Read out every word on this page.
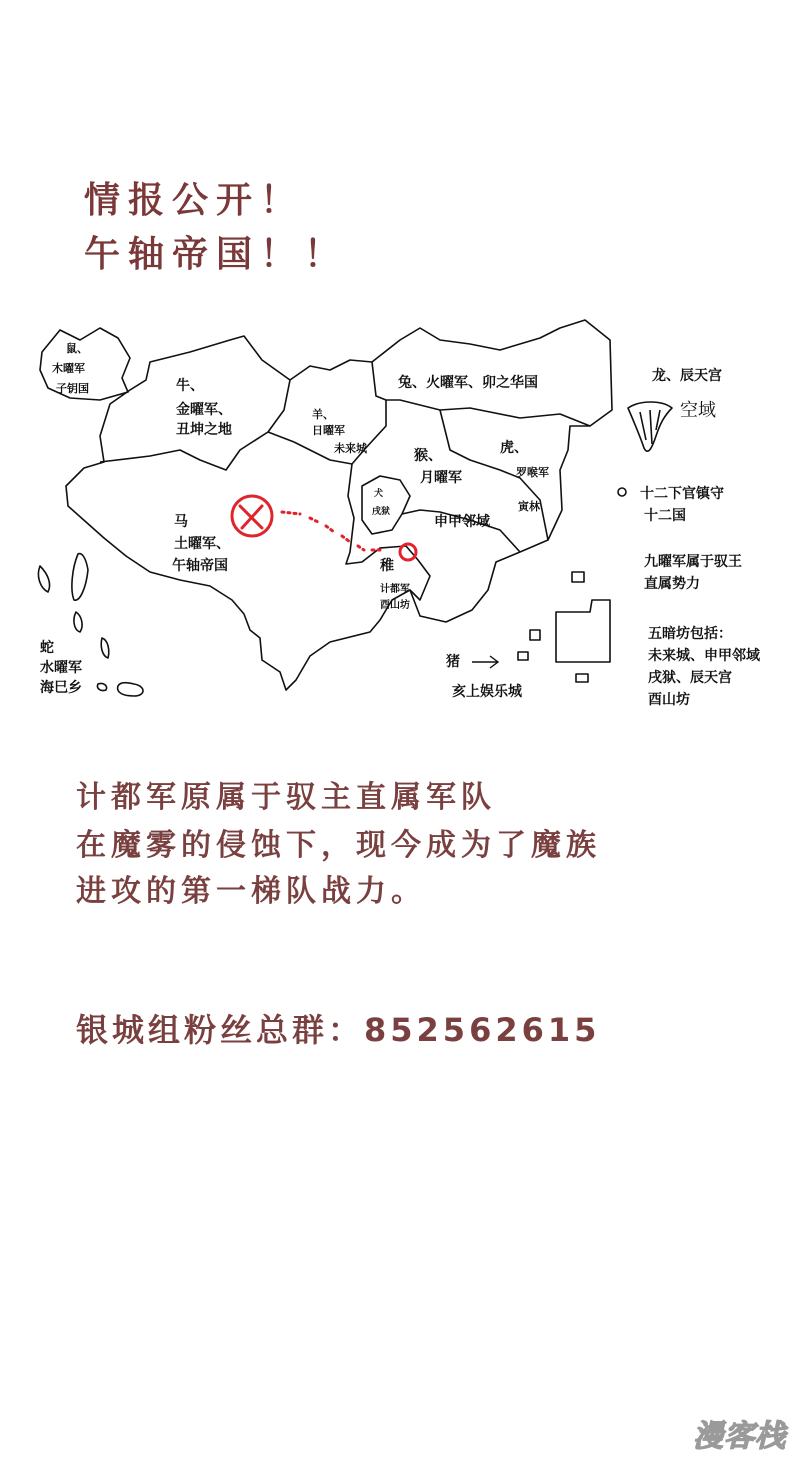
情报公开！
午轴帝国！！
鼠、
木曜军
子钥国	牛、
金曜军、
丑坤之地
羊、
日曜军
未来城
兔、火曜军、卯之华国	龙、辰天宫
空域
猴、
月曜军
虎、
罗喉军
寅林
犬
戌狱
申甲邻域
马
土曜军、
午轴帝国	稚
计都军
酉山坊
蛇
水曜军
海巳乡
猪
亥上娱乐城
十二下官镇守
十二国
九曜军属于驭王
直属势力
五暗坊包括：
未来城、申甲邻域
戌狱、辰天宫
酉山坊
计都军原属于驭主直属军队
在魔雾的侵蚀下，现今成为了魔族
进攻的第一梯队战力。
银城组粉丝总群：852562615
漫客栈
